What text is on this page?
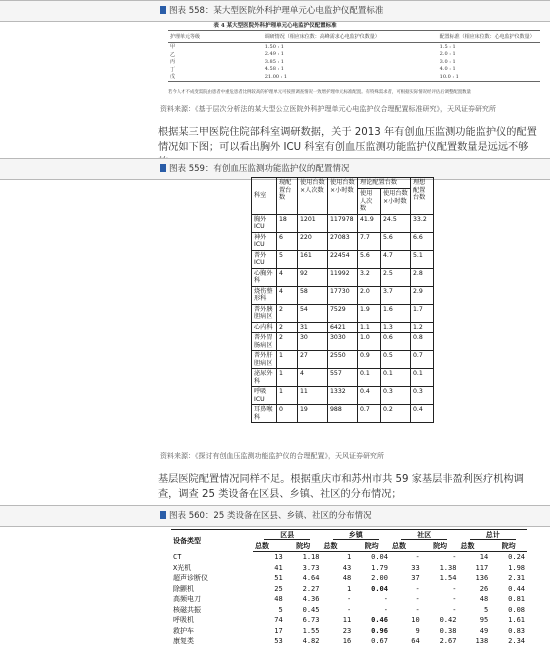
图表 558：某大型医院外科护理单元心电监护仪配置标准
表 4 某大型医院外科护理单元心电监护仪配置标准
护理单元等级	调研情况（相应床位数：高峰需求心电监护仪数量）	配置标准（相应床位数：心电监护仪数量）
甲	1.50 : 1	1.5 : 1
乙	2.49 : 1	2.0 : 1
丙	3.85 : 1	3.0 : 1
丁	4.58 : 1	4.0 : 1
戊	21.00 : 1	10.0 : 1
若今人才不成变需院由患者中重危患者比例较高的护理单元可按照调查情况一致增护理单元标准配置。有特殊需求者，可根据实际情况经评估后调整配置数量
资料来源：《基于层次分析法的某大型公立医院外科护理单元心电监护仪合理配置标准研究》，天风证券研究所
根据某三甲医院住院部科室调研数据，关于 2013 年有创血压监测功能监护仪的配置情况如下图；可以看出胸外 ICU 科室有创血压监测功能监护仪配置数量是远远不够
图表 559：有创血压监测功能监护仪的配置情况
科室	现配置台数	使用台数×人次数	使用台数×小时数	理论配置台数		理想配置台数
				使用人次数	使用台数×小时数	
胸外ICU	18	1201	117978	41.9	24.5	33.2
神外ICU	6	220	27083	7.7	5.6	6.6
普外ICU	5	161	22454	5.6	4.7	5.1
心胸外科	4	92	11992	3.2	2.5	2.8
烧伤整形科	4	58	17730	2.0	3.7	2.9
普外胰胆病区	2	54	7529	1.9	1.6	1.7
心内科	2	31	6421	1.1	1.3	1.2
普外胃肠病区	2	30	3030	1.0	0.6	0.8
普外肝胆病区	1	27	2550	0.9	0.5	0.7
泌尿外科	1	4	557	0.1	0.1	0.1
呼吸ICU	1	11	1332	0.4	0.3	0.3
耳鼻喉科	0	19	988	0.7	0.2	0.4
资料来源：《探讨有创血压监测功能监护仪的合理配置》，天风证券研究所
基层医院配置情况同样不足。根据重庆市和苏州市共 59 家基层非盈利医疗机构调查，调查 25 类设备在区县、乡镇、社区的分布情况；
图表 560：25 类设备在区县、乡镇、社区的分布情况
设备类型	区县		乡镇		社区		总计	
	总数	院均	总数	院均	总数	院均	总数	院均
CT	13	1.18	1	0.04	-	-	14	0.24
X光机	41	3.73	43	1.79	33	1.38	117	1.98
超声诊断仪	51	4.64	48	2.00	37	1.54	136	2.31
除颤机	25	2.27	1	0.04	-	-	26	0.44
高频电刀	48	4.36	-	-	-	-	48	0.81
核磁共振	5	0.45	-	-	-	-	5	0.08
呼吸机	74	6.73	11	0.46	10	0.42	95	1.61
救护车	17	1.55	23	0.96	9	0.38	49	0.83
康复类	53	4.82	16	0.67	64	2.67	138	2.34
